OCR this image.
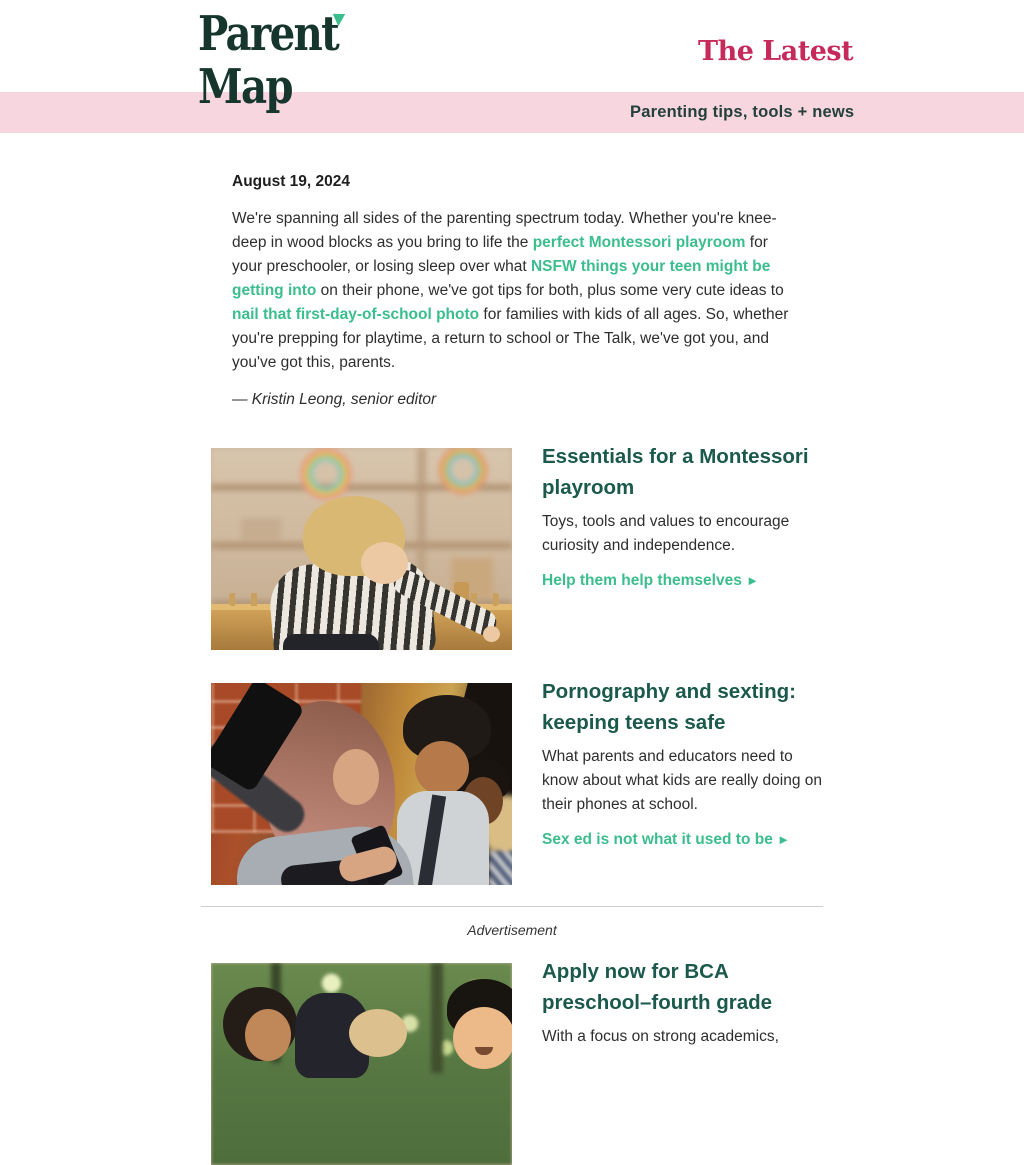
The Latest
Parenting tips, tools + news
Parent
Map
August 19, 2024
We're spanning all sides of the parenting spectrum today. Whether you're knee-deep in wood blocks as you bring to life the perfect Montessori playroom for your preschooler, or losing sleep over what NSFW things your teen might be getting into on their phone, we've got tips for both, plus some very cute ideas to nail that first-day-of-school photo for families with kids of all ages. So, whether you're prepping for playtime, a return to school or The Talk, we've got you, and you've got this, parents.
— Kristin Leong, senior editor
Essentials for a Montessori playroom
Toys, tools and values to encourage curiosity and independence.
Help them help themselves ►
Pornography and sexting: keeping teens safe
What parents and educators need to know about what kids are really doing on their phones at school.
Sex ed is not what it used to be ►
Advertisement
Apply now for BCA preschool–fourth grade
With a focus on strong academics,
